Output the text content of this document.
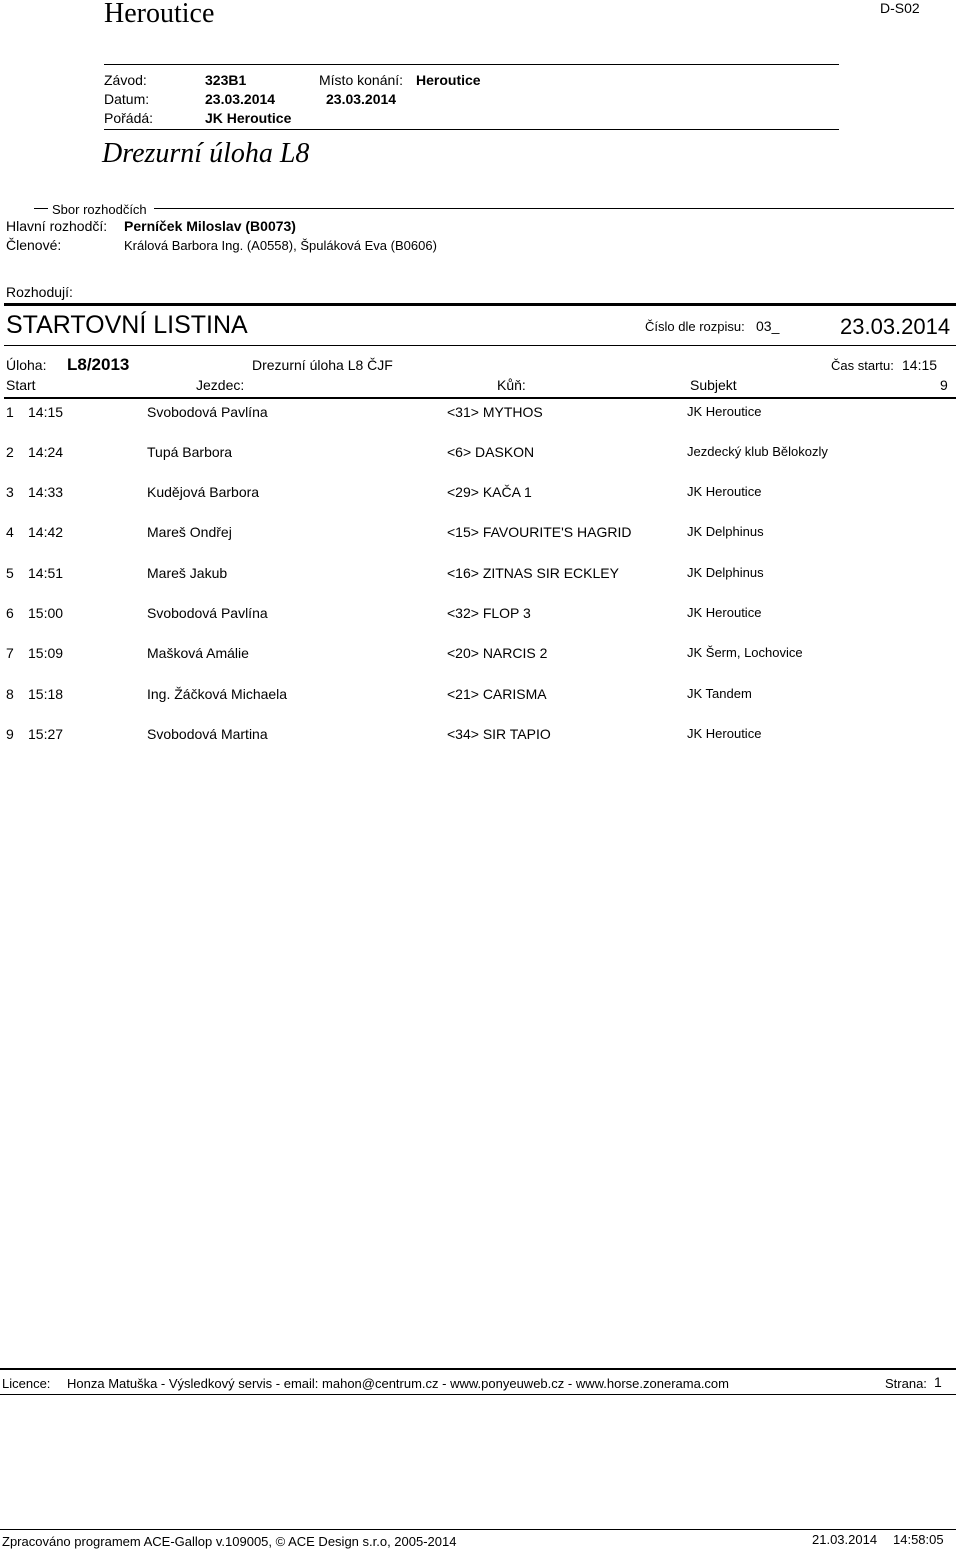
Heroutice	D-S02
Závod:	323B1	Místo konání: Heroutice
Datum:	23.03.2014	23.03.2014
Pořádá:	JK Heroutice
Drezurní úloha L8
Sbor rozhodčích
Hlavní rozhodčí: Perníček Miloslav (B0073)
Členové:	Králová Barbora Ing. (A0558), Špuláková Eva (B0606)
Rozhodují:
STARTOVNÍ LISTINA	Číslo dle rozpisu: 03_	23.03.2014
Úloha: L8/2013	Drezurní úloha L8 ČJF	Čas startu: 14:15
Start	Jezdec:	Kůň:	Subjekt	9
1 14:15	Svobodová Pavlína	<31> MYTHOS	JK Heroutice
2 14:24	Tupá Barbora	<6> DASKON	Jezdecký klub Bělokozly
3 14:33	Kudějová Barbora	<29> KAČA 1	JK Heroutice
4 14:42	Mareš Ondřej	<15> FAVOURITE'S HAGRID	JK Delphinus
5 14:51	Mareš Jakub	<16> ZITNAS SIR ECKLEY	JK Delphinus
6 15:00	Svobodová Pavlína	<32> FLOP 3	JK Heroutice
7 15:09	Mašková Amálie	<20> NARCIS 2	JK Šerm, Lochovice
8 15:18	Ing. Žáčková Michaela	<21> CARISMA	JK Tandem
9 15:27	Svobodová Martina	<34> SIR TAPIO	JK Heroutice
Licence: Honza Matuška - Výsledkový servis - email: mahon@centrum.cz - www.ponyeuweb.cz - www.horse.zonerama.com	Strana: 1
Zpracováno programem ACE-Gallop v.109005, © ACE Design s.r.o, 2005-2014	21.03.2014 14:58:05
